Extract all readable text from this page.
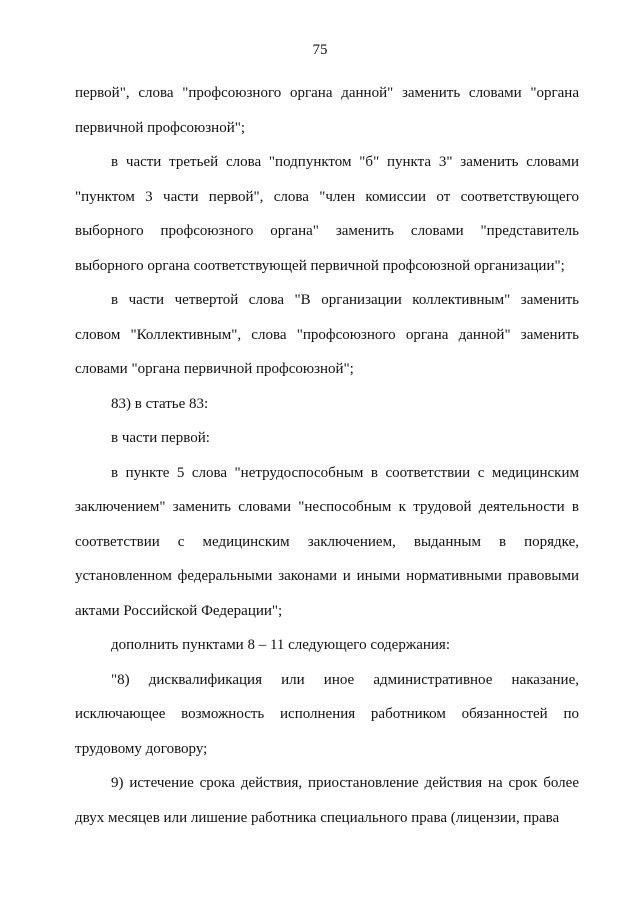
75

первой", слова "профсоюзного органа данной" заменить словами "органа первичной профсоюзной";

в части третьей слова "подпунктом "б" пункта 3" заменить словами "пунктом 3 части первой", слова "член комиссии от соответствующего выборного профсоюзного органа" заменить словами "представитель выборного органа соответствующей первичной профсоюзной организации";

в части четвертой слова "В организации коллективным" заменить словом "Коллективным", слова "профсоюзного органа данной" заменить словами "органа первичной профсоюзной";

83) в статье 83:

в части первой:

в пункте 5 слова "нетрудоспособным в соответствии с медицинским заключением" заменить словами "неспособным к трудовой деятельности в соответствии с медицинским заключением, выданным в порядке, установленном федеральными законами и иными нормативными правовыми актами Российской Федерации";

дополнить пунктами 8 – 11 следующего содержания:

"8) дисквалификация или иное административное наказание, исключающее возможность исполнения работником обязанностей по трудовому договору;

9) истечение срока действия, приостановление действия на срок более двух месяцев или лишение работника специального права (лицензии, права
